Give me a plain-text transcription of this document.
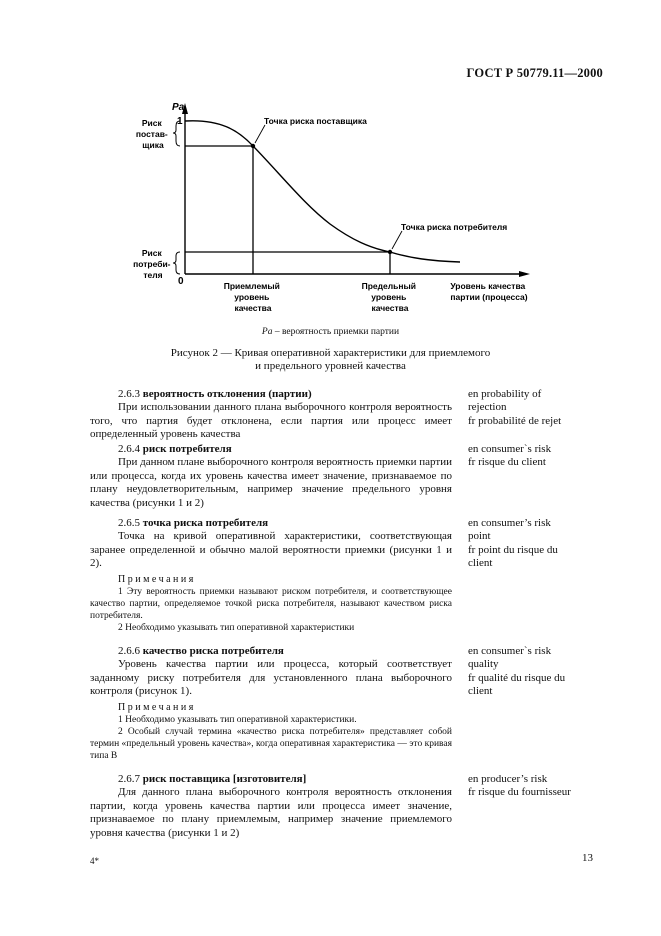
ГОСТ Р 50779.11—2000
Pa
1
0
Риск постав- щика
Риск потреби- теля
Точка риска поставщика
Точка риска потребителя
Приемлемый уровень качества
Предельный уровень качества
Уровень качества партии (процесса)
Pa – вероятность приемки партии
Рисунок 2 — Кривая оперативной характеристики для приемлемого
и предельного уровней качества

2.6.3 вероятность отклонения (партии)

При использовании данного плана выборочного контроля вероятность того, что партия будет отклонена, если партия или процесс имеет определенный уровень качества

en probability of
rejection
fr probabilité de rejet

2.6.4 риск потребителя

При данном плане выборочного контроля вероятность приемки партии или процесса, когда их уровень качества имеет значение, признаваемое по плану неудовлетворительным, например значение предельного уровня качества (рисунки 1 и 2)

en consumer`s risk
fr risque du client

2.6.5 точка риска потребителя

Точка на кривой оперативной характеристики, соответствующая заранее определенной и обычно малой вероятности приемки (рисунки 1 и 2).

Примечания

1 Эту вероятность приемки называют риском потребителя, и соответствующее качество партии, определяемое точкой риска потребителя, называют качеством риска потребителя.

2 Необходимо указывать тип оперативной характеристики

en consumer’s risk
point
fr point du risque du
client

2.6.6 качество риска потребителя

Уровень качества партии или процесса, который соответствует заданному риску потребителя для установленного плана выборочного контроля (рисунок 1).

Примечания

1 Необходимо указывать тип оперативной характеристики.

2 Особый случай термина «качество риска потребителя» представляет собой термин «предельный уровень качества», когда оперативная характеристика — это кривая типа B

en consumer`s risk
quality
fr qualité du risque du
client

2.6.7 риск поставщика [изготовителя]

Для данного плана выборочного контроля вероятность отклонения партии, когда уровень качества партии или процесса имеет значение, признаваемое по плану приемлемым, например значение приемлемого уровня качества (рисунки 1 и 2)

en producer’s risk
fr risque du fournisseur
4*	13
